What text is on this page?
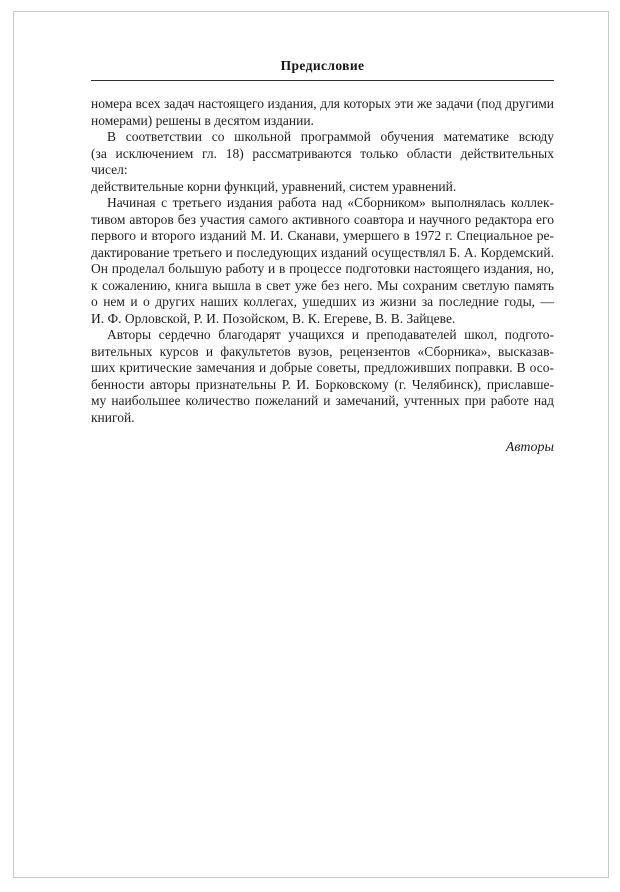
Предисловие
номера всех задач настоящего издания, для которых эти же задачи (под другими
номерами) решены в десятом издании.
В соответствии со школьной программой обучения математике всюду
(за исключением гл. 18) рассматриваются только области действительных чисел:
действительные корни функций, уравнений, систем уравнений.
Начиная с третьего издания работа над «Сборником» выполнялась коллек-
тивом авторов без участия самого активного соавтора и научного редактора его
первого и второго изданий М. И. Сканави, умершего в 1972 г. Специальное ре-
дактирование третьего и последующих изданий осуществлял Б. А. Кордемский.
Он проделал большую работу и в процессе подготовки настоящего издания, но,
к сожалению, книга вышла в свет уже без него. Мы сохраним светлую память
о нем и о других наших коллегах, ушедших из жизни за последние годы, —
И. Ф. Орловской, Р. И. Позойском, В. К. Егереве, В. В. Зайцеве.
Авторы сердечно благодарят учащихся и преподавателей школ, подгото-
вительных курсов и факультетов вузов, рецензентов «Сборника», высказав-
ших критические замечания и добрые советы, предложивших поправки. В осо-
бенности авторы признательны Р. И. Борковскому (г. Челябинск), приславше-
му наибольшее количество пожеланий и замечаний, учтенных при работе над
книгой.
Авторы
